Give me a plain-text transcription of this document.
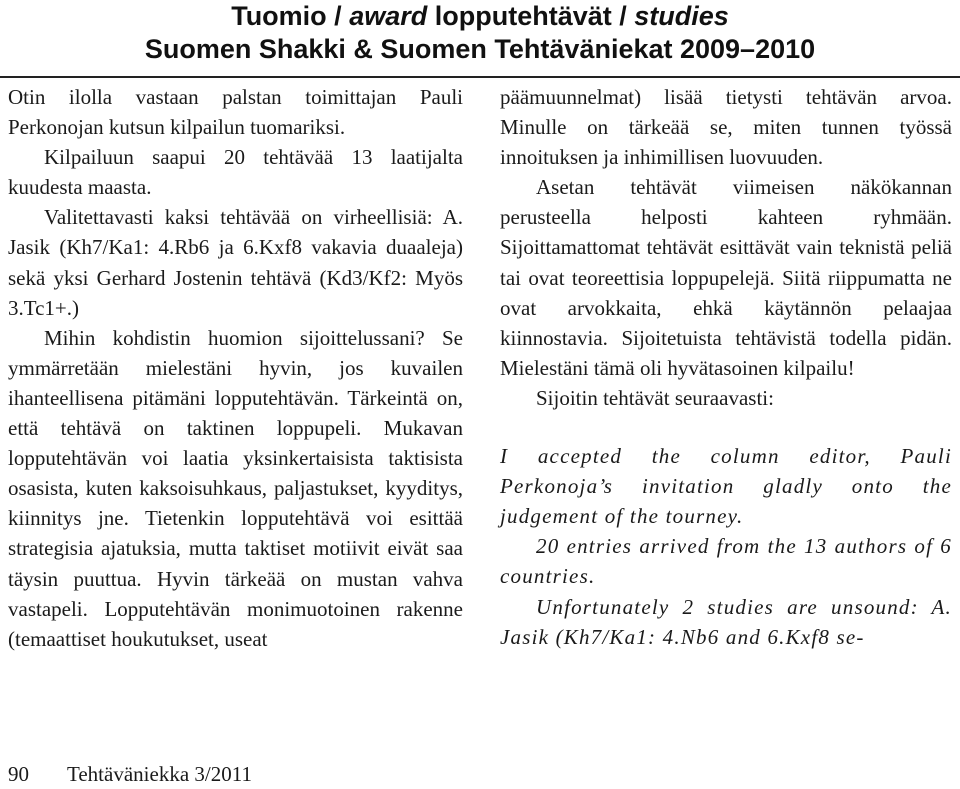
Tuomio / award lopputehtävät / studies
Suomen Shakki & Suomen Tehtäväniekat 2009–2010

Otin ilolla vastaan palstan toimittajan Pauli Perkonojan kutsun kilpailun tuomariksi.

Kilpailuun saapui 20 tehtävää 13 laatijalta kuudesta maasta.

Valitettavasti kaksi tehtävää on virheellisiä: A. Jasik (Kh7/Ka1: 4.Rb6 ja 6.Kxf8 vakavia duaaleja) sekä yksi Gerhard Jostenin tehtävä (Kd3/Kf2: Myös 3.Tc1+.)

Mihin kohdistin huomion sijoittelussani? Se ymmärretään mielestäni hyvin, jos kuvailen ihanteellisena pitämäni lopputehtävän. Tärkeintä on, että tehtävä on taktinen loppupeli. Mukavan lopputehtävän voi laatia yksinkertaisista taktisista osasista, kuten kaksoisuhkaus, paljastukset, kyyditys, kiinnitys jne. Tietenkin lopputehtävä voi esittää strategisia ajatuksia, mutta taktiset motiivit eivät saa täysin puuttua. Hyvin tärkeää on mustan vahva vastapeli. Lopputehtävän monimuotoinen rakenne (temaattiset houkutukset, useat

päämuunnelmat) lisää tietysti tehtävän arvoa. Minulle on tärkeää se, miten tunnen työssä innoituksen ja inhimillisen luovuuden.

Asetan tehtävät viimeisen näkökannan perusteella helposti kahteen ryhmään. Sijoittamattomat tehtävät esittävät vain teknistä peliä tai ovat teoreettisia loppupelejä. Siitä riippumatta ne ovat arvokkaita, ehkä käytännön pelaajaa kiinnostavia. Sijoitetuista tehtävistä todella pidän. Mielestäni tämä oli hyvätasoinen kilpailu!

Sijoitin tehtävät seuraavasti:

I accepted the column editor, Pauli Perkonoja’s invitation gladly onto the judgement of the tourney.

20 entries arrived from the 13 authors of 6 countries.

Unfortunately 2 studies are unsound: A. Jasik (Kh7/Ka1: 4.Nb6 and 6.Kxf8 se-

90 Tehtäväniekka 3/2011
